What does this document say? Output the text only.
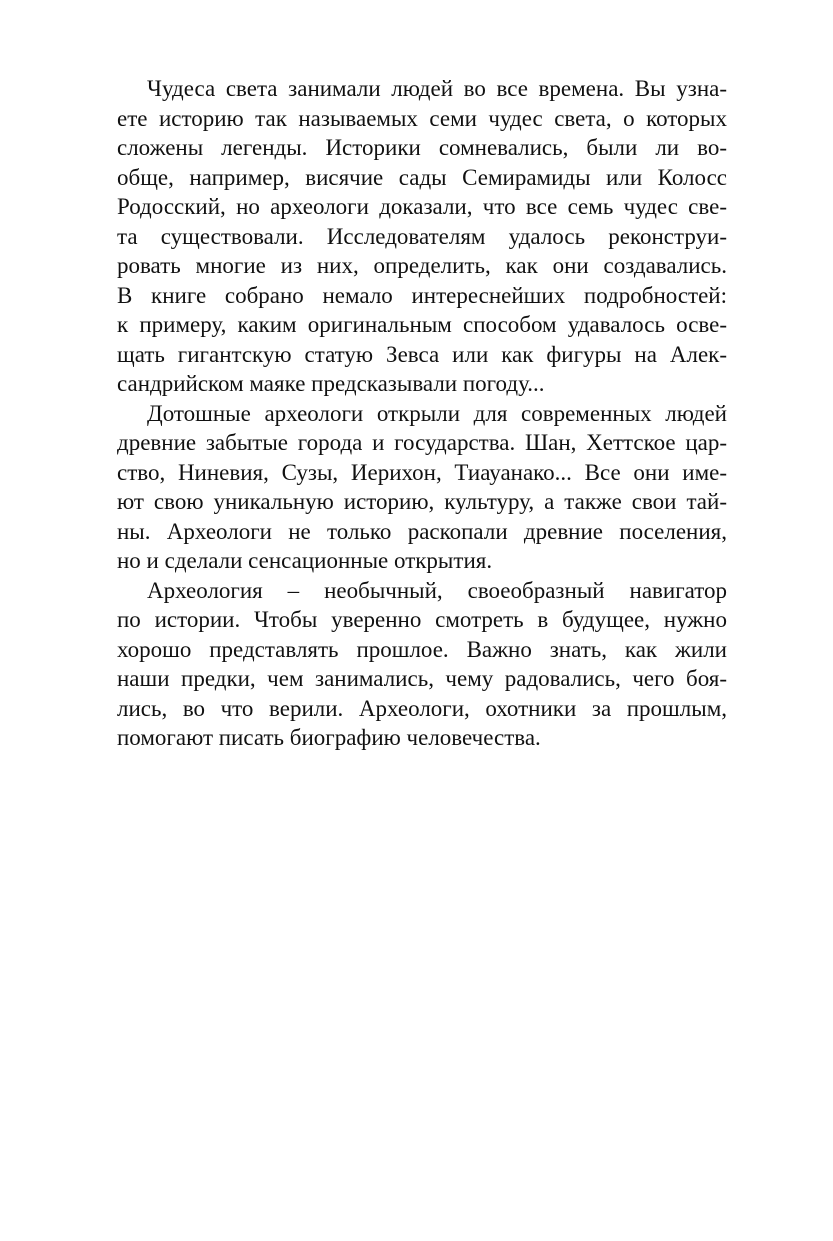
Чудеса света занимали людей во все времена. Вы узна-
ете историю так называемых семи чудес света, о которых
сложены легенды. Историки сомневались, были ли во-
обще, например, висячие сады Семирамиды или Колосс
Родосский, но археологи доказали, что все семь чудес све-
та существовали. Исследователям удалось реконструи-
ровать многие из них, определить, как они создавались.
В книге собрано немало интереснейших подробностей:
к примеру, каким оригинальным способом удавалось осве-
щать гигантскую статую Зевса или как фигуры на Алек-
сандрийском маяке предсказывали погоду...

Дотошные археологи открыли для современных людей
древние забытые города и государства. Шан, Хеттское цар-
ство, Ниневия, Сузы, Иерихон, Тиауанако... Все они име-
ют свою уникальную историю, культуру, а также свои тай-
ны. Археологи не только раскопали древние поселения,
но и сделали сенсационные открытия.

Археология – необычный, своеобразный навигатор
по истории. Чтобы уверенно смотреть в будущее, нужно
хорошо представлять прошлое. Важно знать, как жили
наши предки, чем занимались, чему радовались, чего боя-
лись, во что верили. Археологи, охотники за прошлым,
помогают писать биографию человечества.
